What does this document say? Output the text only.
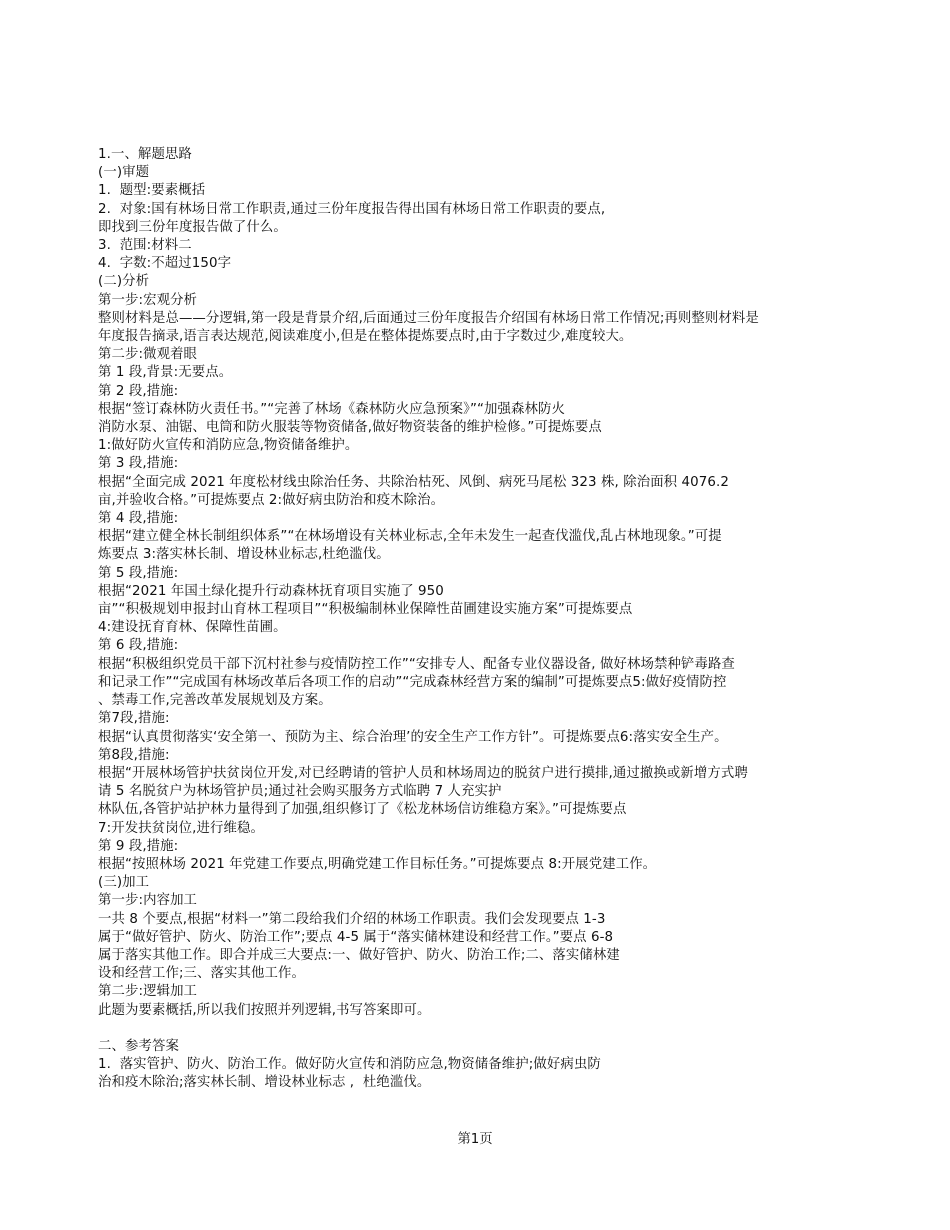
1.一、解题思路
(一)审题
1.  题型:要素概括
2.  对象:国有林场日常工作职责,通过三份年度报告得出国有林场日常工作职责的要点,
即找到三份年度报告做了什么。
3.  范围:材料二
4.  字数:不超过150字
(二)分析
第一步:宏观分析
整则材料是总——分逻辑,第一段是背景介绍,后面通过三份年度报告介绍国有林场日常工作情况;再则整则材料是
年度报告摘录,语言表达规范,阅读难度小,但是在整体提炼要点时,由于字数过少,难度较大。
第二步:微观着眼
第 1 段,背景:无要点。
第 2 段,措施:
根据“签订森林防火责任书。”“完善了林场《森林防火应急预案》”“加强森林防火
消防水泵、油锯、电筒和防火服装等物资储备,做好物资装备的维护检修。”可提炼要点
1:做好防火宣传和消防应急,物资储备维护。
第 3 段,措施:
根据“全面完成 2021 年度松材线虫除治任务、共除治枯死、风倒、病死马尾松 323 株, 除治面积 4076.2
亩,并验收合格。”可提炼要点 2:做好病虫防治和疫木除治。
第 4 段,措施:
根据“建立健全林长制组织体系”“在林场增设有关林业标志,全年未发生一起查伐滥伐,乱占林地现象。”可提
炼要点 3:落实林长制、增设林业标志,杜绝滥伐。
第 5 段,措施:
根据“2021 年国土绿化提升行动森林抚育项目实施了 950
亩”“积极规划申报封山育林工程项目”“积极编制林业保障性苗圃建设实施方案”可提炼要点
4:建设抚育育林、保障性苗圃。
第 6 段,措施:
根据“积极组织党员干部下沉村社参与疫情防控工作”“安排专人、配备专业仪器设备, 做好林场禁种铲毒路查
和记录工作”“完成国有林场改革后各项工作的启动”“完成森林经营方案的编制”可提炼要点5:做好疫情防控
、禁毒工作,完善改革发展规划及方案。
第7段,措施:
根据“认真贯彻落实‘安全第一、预防为主、综合治理’的安全生产工作方针”。可提炼要点6:落实安全生产。
第8段,措施:
根据“开展林场管护扶贫岗位开发,对已经聘请的管护人员和林场周边的脱贫户进行摸排,通过撤换或新增方式聘
请 5 名脱贫户为林场管护员;通过社会购买服务方式临聘 7 人充实护
林队伍,各管护站护林力量得到了加强,组织修订了《松龙林场信访维稳方案》。”可提炼要点
7:开发扶贫岗位,进行维稳。
第 9 段,措施:
根据“按照林场 2021 年党建工作要点,明确党建工作目标任务。”可提炼要点 8:开展党建工作。
(三)加工
第一步:内容加工
一共 8 个要点,根据“材料一”第二段给我们介绍的林场工作职责。我们会发现要点 1-3
属于“做好管护、防火、防治工作”;要点 4-5 属于“落实储林建设和经营工作。”要点 6-8
属于落实其他工作。即合并成三大要点:一、做好管护、防火、防治工作;二、落实储林建
设和经营工作;三、落实其他工作。
第二步:逻辑加工
此题为要素概括,所以我们按照并列逻辑,书写答案即可。
二、参考答案
1.  落实管护、防火、防治工作。做好防火宣传和消防应急,物资储备维护;做好病虫防
治和疫木除治;落实林长制、增设林业标志 ,  杜绝滥伐。
第1页
